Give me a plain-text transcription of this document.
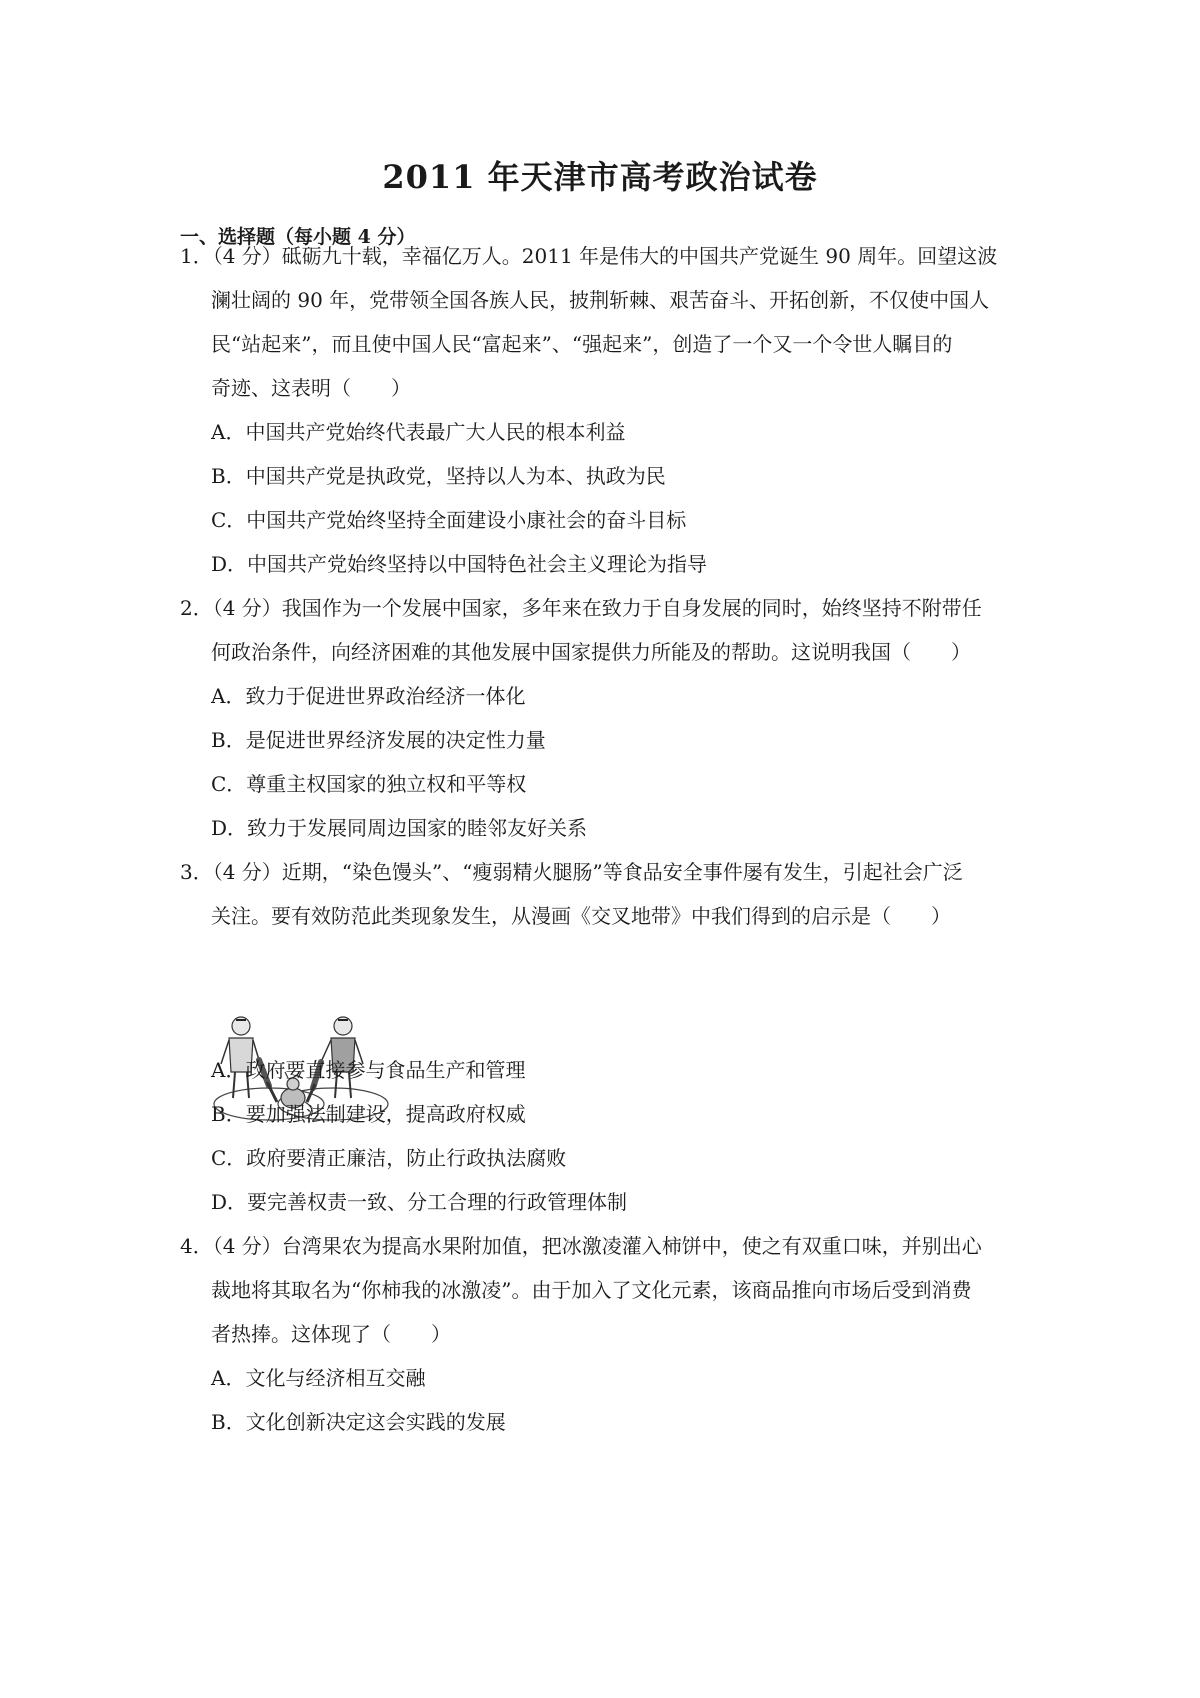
2011 年天津市高考政治试卷
一、选择题（每小题 4 分）
1．（4 分）砥砺九十载，幸福亿万人。2011 年是伟大的中国共产党诞生 90 周年。回望这波
澜壮阔的 90 年，党带领全国各族人民，披荆斩棘、艰苦奋斗、开拓创新，不仅使中国人
民“站起来”，而且使中国人民“富起来”、“强起来”，创造了一个又一个令世人瞩目的
奇迹、这表明（　　）
A．中国共产党始终代表最广大人民的根本利益
B．中国共产党是执政党，坚持以人为本、执政为民
C．中国共产党始终坚持全面建设小康社会的奋斗目标
D．中国共产党始终坚持以中国特色社会主义理论为指导
2．（4 分）我国作为一个发展中国家，多年来在致力于自身发展的同时，始终坚持不附带任
何政治条件，向经济困难的其他发展中国家提供力所能及的帮助。这说明我国（　　）
A．致力于促进世界政治经济一体化
B．是促进世界经济发展的决定性力量
C．尊重主权国家的独立权和平等权
D．致力于发展同周边国家的睦邻友好关系
3．（4 分）近期，“染色馒头”、“瘦弱精火腿肠”等食品安全事件屡有发生，引起社会广泛
关注。要有效防范此类现象发生，从漫画《交叉地带》中我们得到的启示是（　　）
A．政府要直接参与食品生产和管理
B．要加强法制建设，提高政府权威
C．政府要清正廉洁，防止行政执法腐败
D．要完善权责一致、分工合理的行政管理体制
4．（4 分）台湾果农为提高水果附加值，把冰激凌灌入柿饼中，使之有双重口味，并别出心
裁地将其取名为“你柿我的冰激凌”。由于加入了文化元素，该商品推向市场后受到消费
者热捧。这体现了（　　）
A．文化与经济相互交融
B．文化创新决定这会实践的发展
